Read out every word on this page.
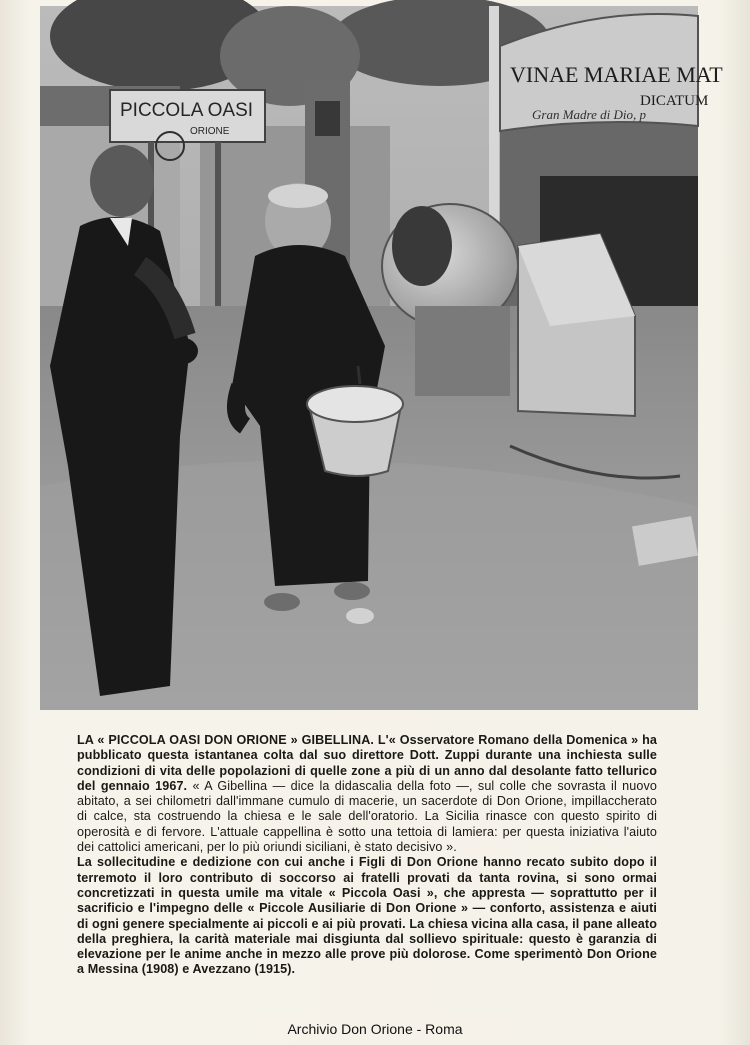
VINAE MARIAE MAT
DICATUM
Gran Madre di Dio, p
PICCOLA OASI
ORIONE

LA « PICCOLA OASI DON ORIONE » GIBELLINA. L'« Osservatore Romano della Domenica » ha pubblicato questa istantanea colta dal suo direttore Dott. Zuppi durante una inchiesta sulle condizioni di vita delle popolazioni di quelle zone a più di un anno dal desolante fatto tellurico del gennaio 1967. « A Gibellina — dice la didascalia della foto —, sul colle che sovrasta il nuovo abitato, a sei chilometri dall'immane cumulo di macerie, un sacerdote di Don Orione, impillaccherato di calce, sta costruendo la chiesa e le sale dell'oratorio. La Sicilia rinasce con questo spirito di operosità e di fervore. L'attuale cappellina è sotto una tettoia di lamiera: per questa iniziativa l'aiuto dei cattolici americani, per lo più oriundi siciliani, è stato decisivo ».

La sollecitudine e dedizione con cui anche i Figli di Don Orione hanno recato subito dopo il terremoto il loro contributo di soccorso ai fratelli provati da tanta rovina, si sono ormai concretizzati in questa umile ma vitale « Piccola Oasi », che appresta — soprattutto per il sacrificio e l'impegno delle « Piccole Ausiliarie di Don Orione » — conforto, assistenza e aiuti di ogni genere specialmente ai piccoli e ai più provati. La chiesa vicina alla casa, il pane alleato della preghiera, la carità materiale mai disgiunta dal sollievo spirituale: questo è garanzia di elevazione per le anime anche in mezzo alle prove più dolorose. Come sperimentò Don Orione a Messina (1908) e Avezzano (1915).

Archivio Don Orione - Roma
